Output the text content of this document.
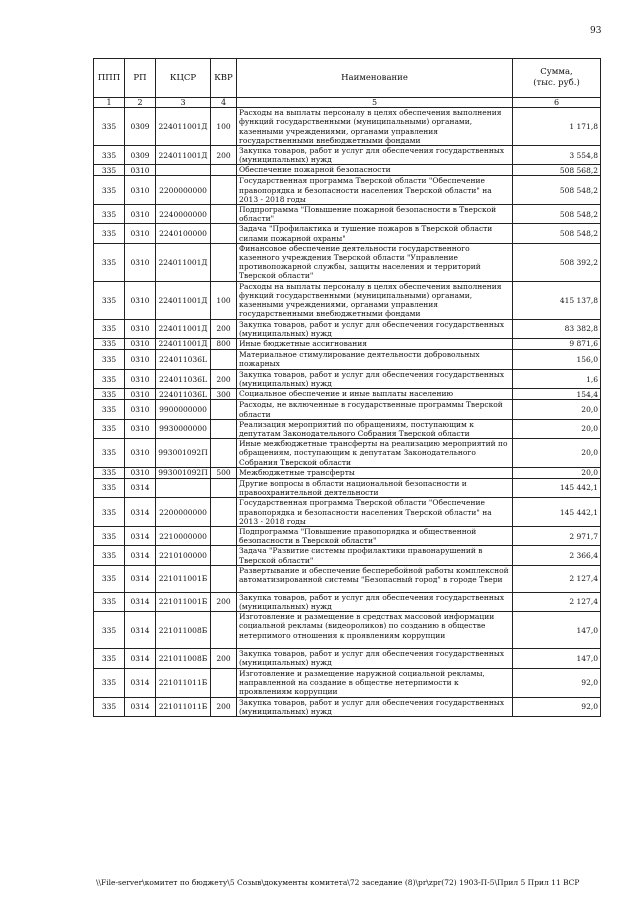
93
ППП	РП	КЦСР	КВР	Наименование	Сумма,
(тыс. руб.)
1	2	3	4	5	6
335	0309	224011001Д	100	Расходы на выплаты персоналу в целях обеспечения выполнения функций государственными (муниципальными) органами, казенными учреждениями, органами управления государственными внебюджетными фондами	1 171,8
335	0309	224011001Д	200	Закупка товаров, работ и услуг для обеспечения государственных (муниципальных) нужд	3 554,8
335	0310			Обеспечение пожарной безопасности	508 568,2
335	0310	2200000000		Государственная программа Тверской области "Обеспечение правопорядка и безопасности населения Тверской области" на 2013 - 2018 годы	508 548,2
335	0310	2240000000		Подпрограмма "Повышение пожарной безопасности в Тверской области"	508 548,2
335	0310	2240100000		Задача "Профилактика и тушение пожаров в Тверской области силами пожарной охраны"	508 548,2
335	0310	224011001Д		Финансовое обеспечение деятельности государственного казенного учреждения Тверской области "Управление противопожарной службы, защиты населения и территорий Тверской области"	508 392,2
335	0310	224011001Д	100	Расходы на выплаты персоналу в целях обеспечения выполнения функций государственными (муниципальными) органами, казенными учреждениями, органами управления государственными внебюджетными фондами	415 137,8
335	0310	224011001Д	200	Закупка товаров, работ и услуг для обеспечения государственных (муниципальных) нужд	83 382,8
335	0310	224011001Д	800	Иные бюджетные ассигнования	9 871,6
335	0310	224011036L		Материальное стимулирование деятельности добровольных пожарных	156,0
335	0310	224011036L	200	Закупка товаров, работ и услуг для обеспечения государственных (муниципальных) нужд	1,6
335	0310	224011036L	300	Социальное обеспечение и иные выплаты населению	154,4
335	0310	9900000000		Расходы, не включенные в государственные программы Тверской области	20,0
335	0310	9930000000		Реализация мероприятий по обращениям, поступающим к депутатам Законодательного Собрания Тверской области	20,0
335	0310	993001092П		Иные межбюджетные трансферты на реализацию мероприятий по обращениям, поступающим к депутатам Законодательного Собрания Тверской области	20,0
335	0310	993001092П	500	Межбюджетные трансферты	20,0
335	0314			Другие вопросы в области национальной безопасности и правоохранительной деятельности	145 442,1
335	0314	2200000000		Государственная программа Тверской области "Обеспечение правопорядка и безопасности населения Тверской области" на 2013 - 2018 годы	145 442,1
335	0314	2210000000		Подпрограмма "Повышение правопорядка и общественной безопасности в Тверской области"	2 971,7
335	0314	2210100000		Задача "Развитие системы профилактики правонарушений в Тверской области"	2 366,4
335	0314	221011001Б		Развертывание и обеспечение бесперебойной работы комплексной автоматизированной системы "Безопасный город" в городе Твери	2 127,4
335	0314	221011001Б	200	Закупка товаров, работ и услуг для обеспечения государственных (муниципальных) нужд	2 127,4
335	0314	221011008Б		Изготовление и размещение в средствах массовой информации социальной рекламы (видеороликов) по созданию в обществе нетерпимого отношения к проявлениям коррупции	147,0
335	0314	221011008Б	200	Закупка товаров, работ и услуг для обеспечения государственных (муниципальных) нужд	147,0
335	0314	221011011Б		Изготовление и размещение наружной социальной рекламы, направленной на создание в обществе нетерпимости к проявлениям коррупции	92,0
335	0314	221011011Б	200	Закупка товаров, работ и услуг для обеспечения государственных (муниципальных) нужд	92,0
\\File-server\комитет по бюджету\5 Созыв\документы комитета\72 заседание (8)\pr\zpr(72) 1903-П-5\Прил 5 Прил 11 ВСР
